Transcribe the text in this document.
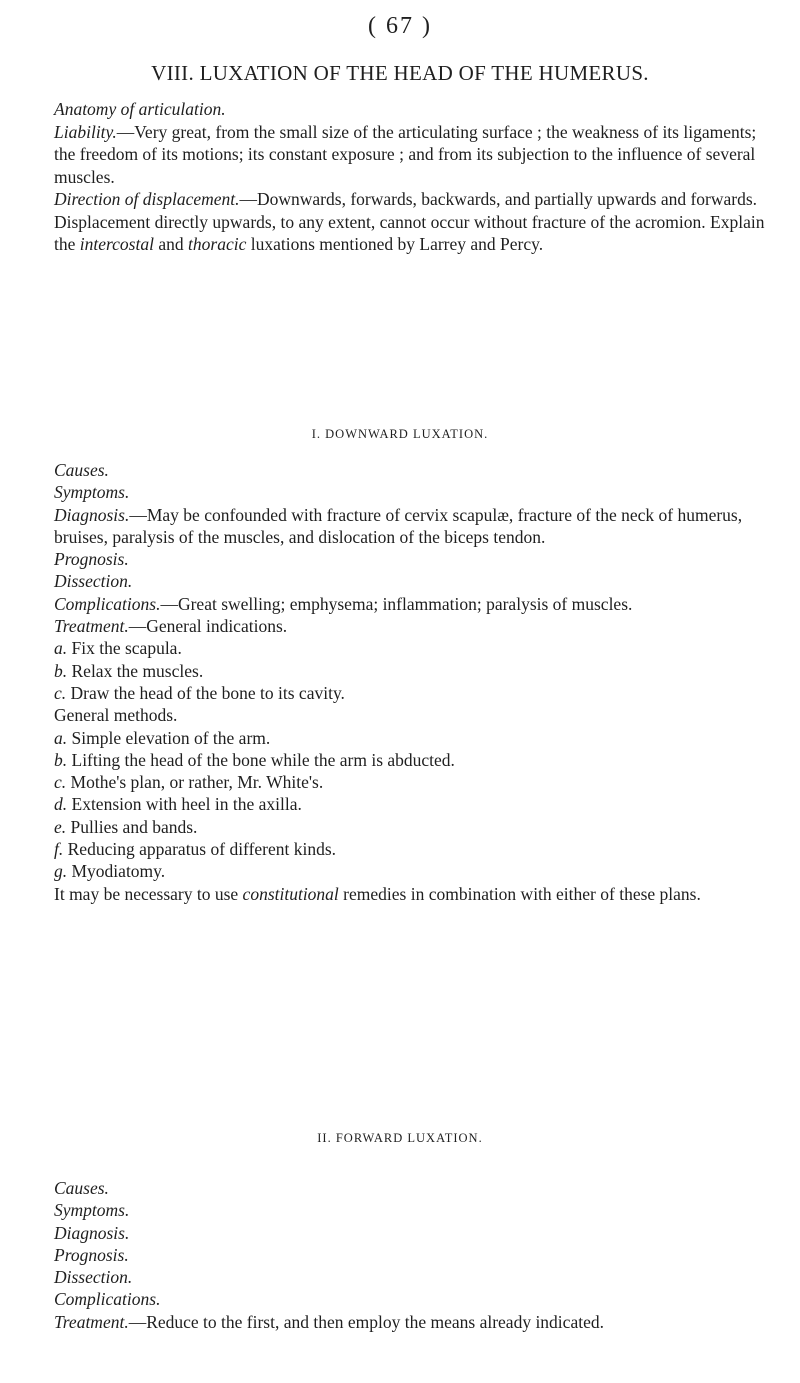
( 67 )
VIII. LUXATION OF THE HEAD OF THE HUMERUS.

Anatomy of articulation.

Liability.—Very great, from the small size of the articulating surface ; the weakness of its ligaments; the freedom of its motions; its constant exposure ; and from its subjection to the influence of several muscles.

Direction of displacement.—Downwards, forwards, backwards, and partially upwards and forwards. Displacement directly upwards, to any extent, cannot occur without fracture of the acromion. Explain the intercostal and thoracic luxations mentioned by Larrey and Percy.

I. DOWNWARD LUXATION.

Causes.

Symptoms.

Diagnosis.—May be confounded with fracture of cervix scapulæ, fracture of the neck of humerus, bruises, paralysis of the muscles, and dislocation of the biceps tendon.

Prognosis.

Dissection.

Complications.—Great swelling; emphysema; inflammation; paralysis of muscles.

Treatment.—General indications.

a. Fix the scapula.

b. Relax the muscles.

c. Draw the head of the bone to its cavity.

General methods.

a. Simple elevation of the arm.

b. Lifting the head of the bone while the arm is abducted.

c. Mothe's plan, or rather, Mr. White's.

d. Extension with heel in the axilla.

e. Pullies and bands.

f. Reducing apparatus of different kinds.

g. Myodiatomy.

It may be necessary to use constitutional remedies in combination with either of these plans.

II. FORWARD LUXATION.

Causes.

Symptoms.

Diagnosis.

Prognosis.

Dissection.

Complications.

Treatment.—Reduce to the first, and then employ the means already indicated.
